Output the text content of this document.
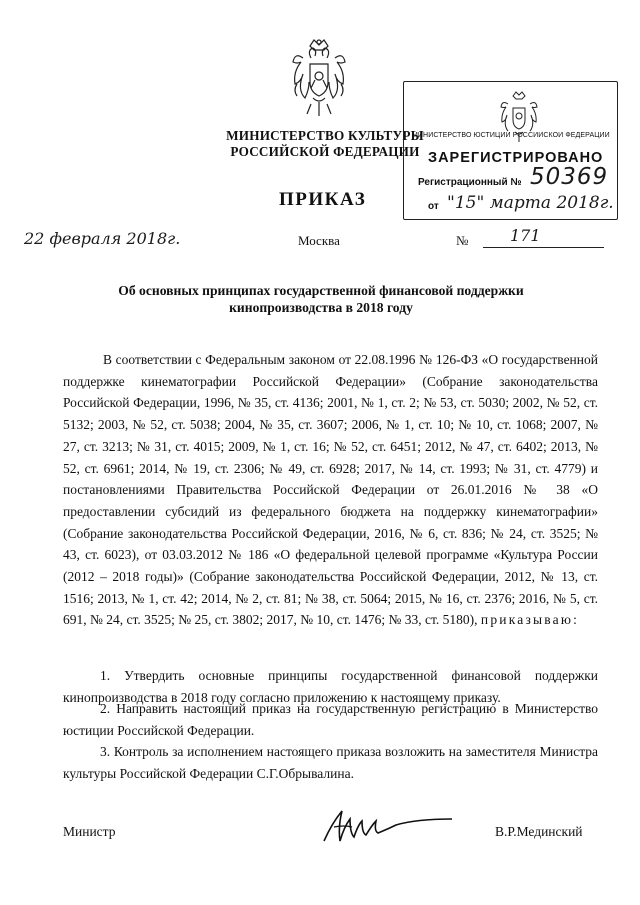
МИНИСТЕРСТВО КУЛЬТУРЫ
РОССИЙСКОЙ ФЕДЕРАЦИИ
ПРИКАЗ
МИНИСТЕРСТВО ЮСТИЦИИ РОССИЙСКОЙ ФЕДЕРАЦИИ
ЗАРЕГИСТРИРОВАНО
Регистрационный № 50369
от "15" марта 2018г.
22 февраля 2018г.	Москва	№	171
Об основных принципах государственной финансовой поддержки
кинопроизводства в 2018 году
В соответствии с Федеральным законом от 22.08.1996 № 126-ФЗ «О государственной поддержке кинематографии Российской Федерации» (Собрание законодательства Российской Федерации, 1996, № 35, ст. 4136; 2001, № 1, ст. 2; № 53, ст. 5030; 2002, № 52, ст. 5132; 2003, № 52, ст. 5038; 2004, № 35, ст. 3607; 2006, № 1, ст. 10; № 10, ст. 1068; 2007, № 27, ст. 3213; № 31, ст. 4015; 2009, № 1, ст. 16; № 52, ст. 6451; 2012, № 47, ст. 6402; 2013, № 52, ст. 6961; 2014, № 19, ст. 2306; № 49, ст. 6928; 2017, № 14, ст. 1993; № 31, ст. 4779) и постановлениями Правительства Российской Федерации от 26.01.2016 № 38 «О предоставлении субсидий из федерального бюджета на поддержку кинематографии» (Собрание законодательства Российской Федерации, 2016, № 6, ст. 836; № 24, ст. 3525; № 43, ст. 6023), от 03.03.2012 № 186 «О федеральной целевой программе «Культура России (2012 – 2018 годы)» (Собрание законодательства Российской Федерации, 2012, № 13, ст. 1516; 2013, № 1, ст. 42; 2014, № 2, ст. 81; № 38, ст. 5064; 2015, № 16, ст. 2376; 2016, № 5, ст. 691, № 24, ст. 3525; № 25, ст. 3802; 2017, № 10, ст. 1476; № 33, ст. 5180), приказываю:
1. Утвердить основные принципы государственной финансовой поддержки кинопроизводства в 2018 году согласно приложению к настоящему приказу.
2. Направить настоящий приказ на государственную регистрацию в Министерство юстиции Российской Федерации.
3. Контроль за исполнением настоящего приказа возложить на заместителя Министра культуры Российской Федерации С.Г.Обрывалина.
Министр	В.Р.Мединский
